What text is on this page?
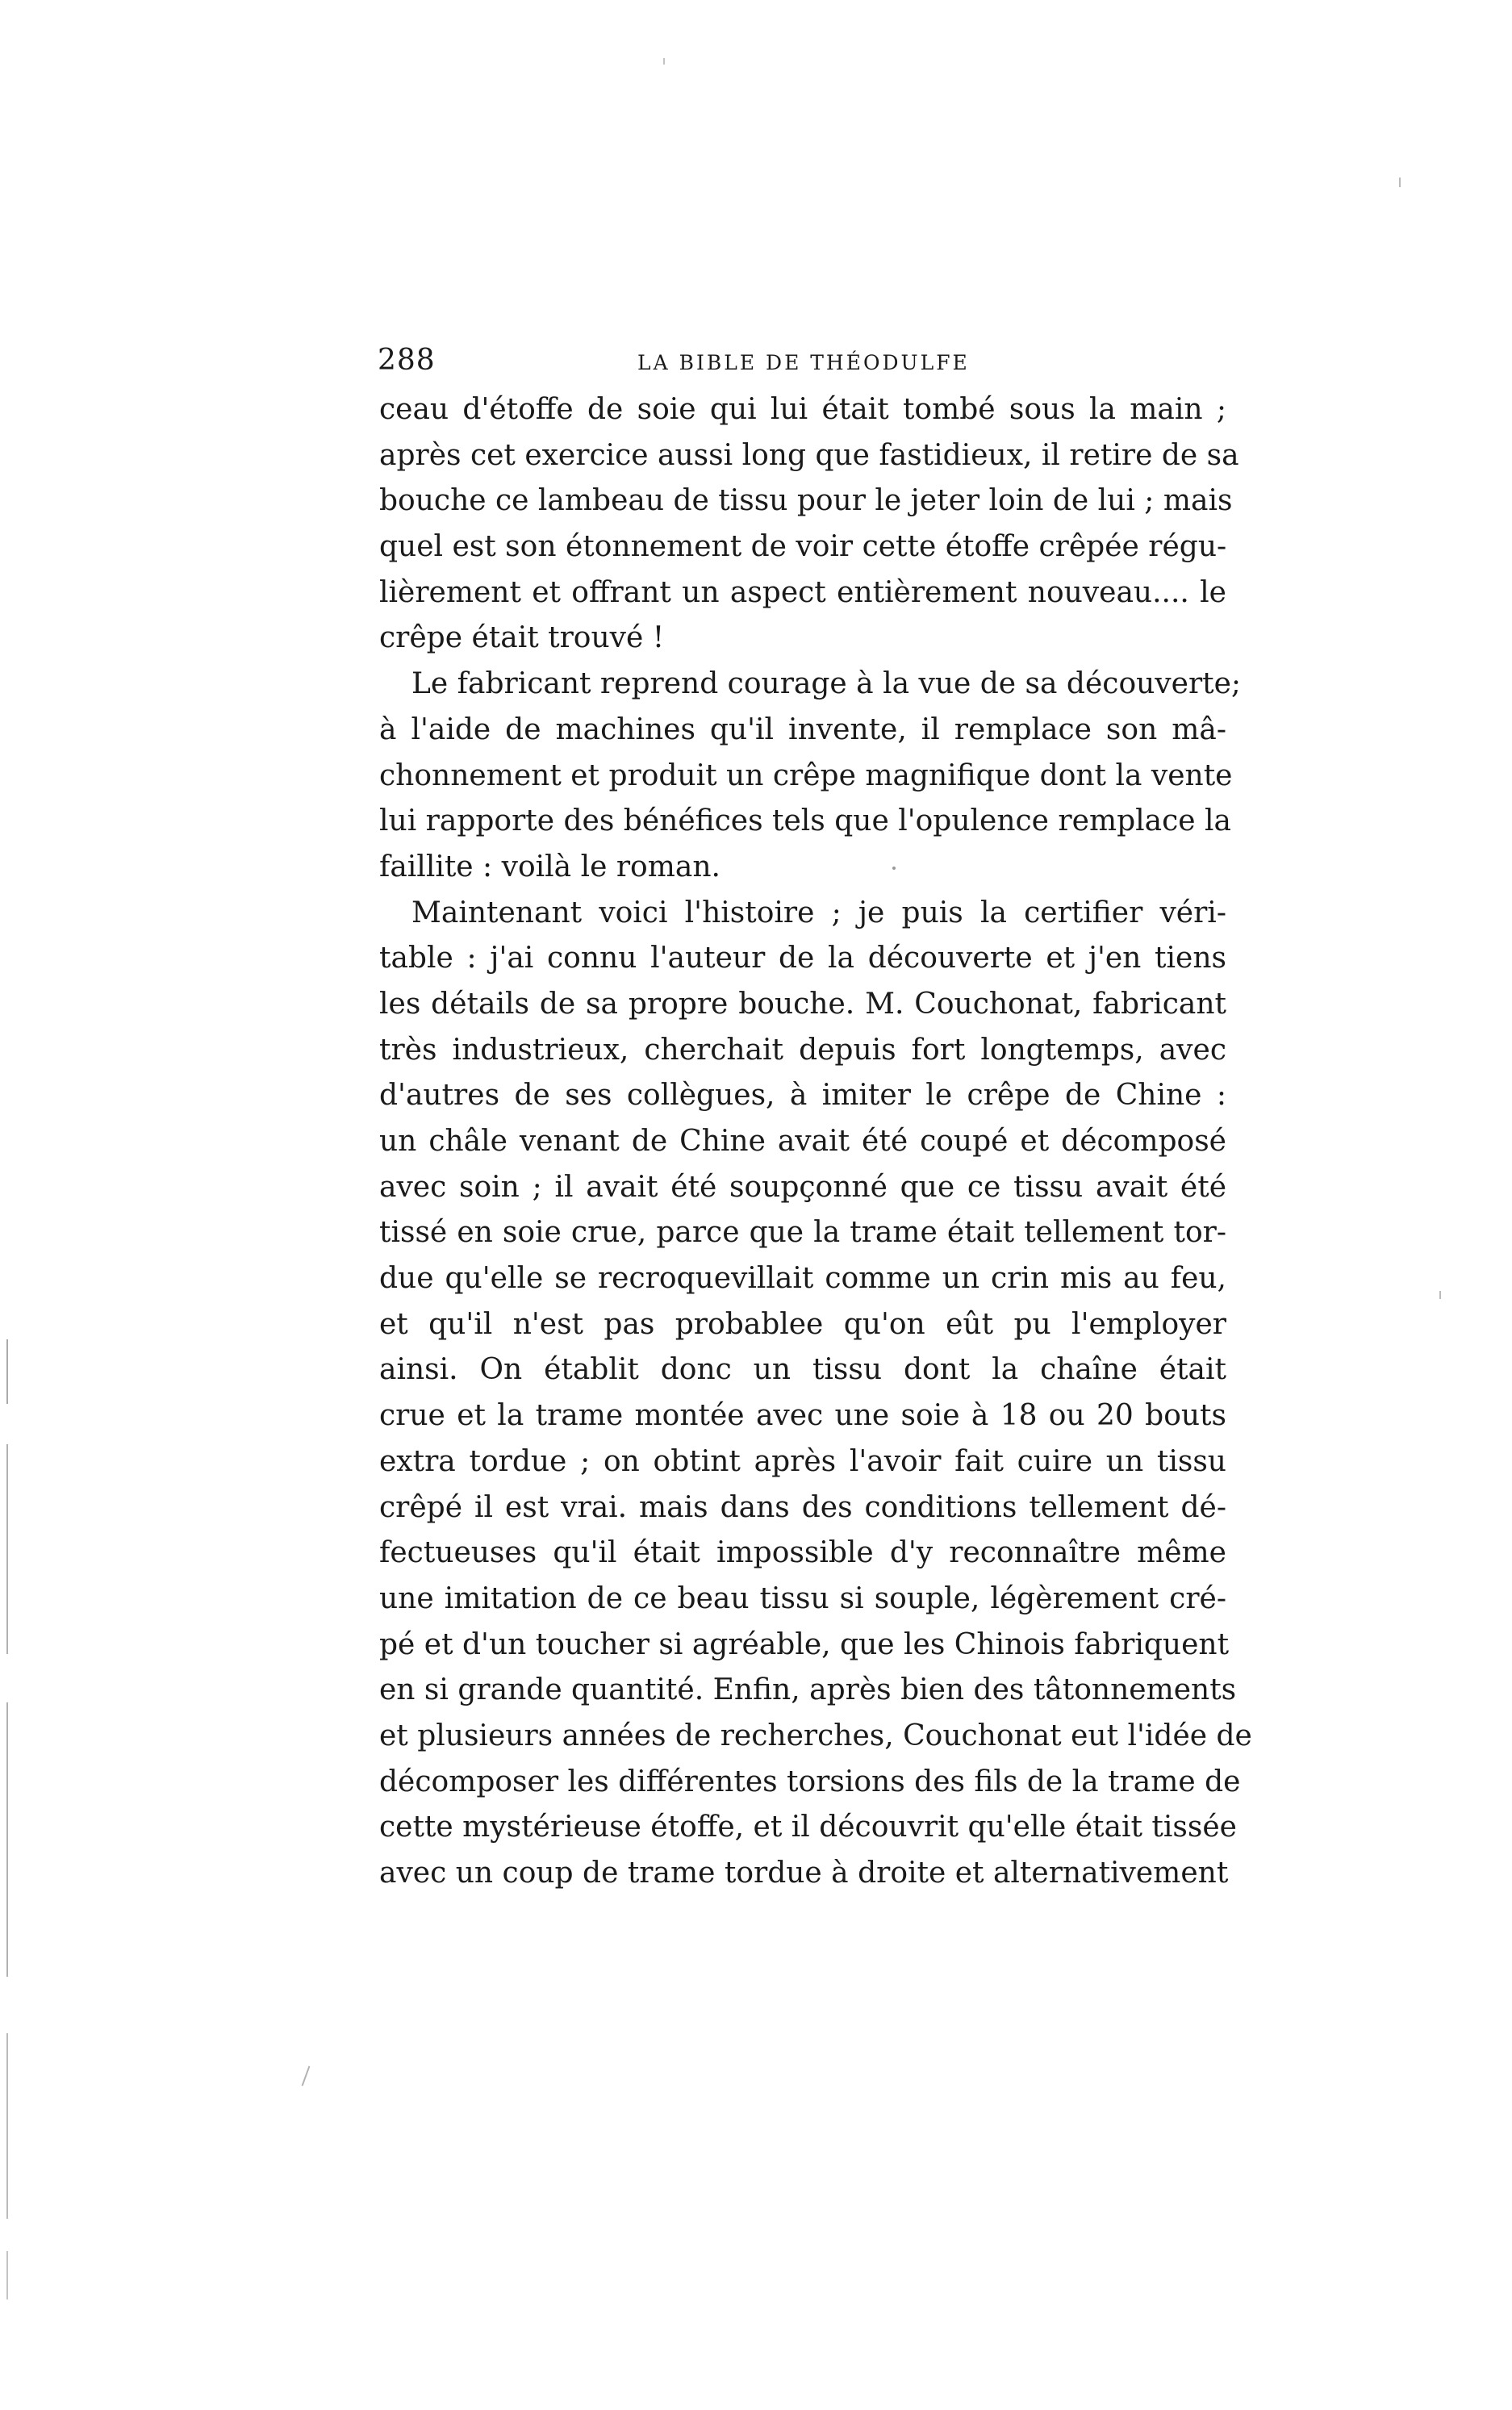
288	LA BIBLE DE THÉODULFE
ceau d'étoffe de soie qui lui était tombé sous la main ;
après cet exercice aussi long que fastidieux, il retire de sa
bouche ce lambeau de tissu pour le jeter loin de lui ; mais
quel est son étonnement de voir cette étoffe crêpée régu-
lièrement et offrant un aspect entièrement nouveau.... le
crêpe était trouvé !
Le fabricant reprend courage à la vue de sa découverte;
à l'aide de machines qu'il invente, il remplace son mâ-
chonnement et produit un crêpe magnifique dont la vente
lui rapporte des bénéfices tels que l'opulence remplace la
faillite : voilà le roman.
Maintenant voici l'histoire ; je puis la certifier véri-
table : j'ai connu l'auteur de la découverte et j'en tiens
les détails de sa propre bouche. M. Couchonat, fabricant
très industrieux, cherchait depuis fort longtemps, avec
d'autres de ses collègues, à imiter le crêpe de Chine :
un châle venant de Chine avait été coupé et décomposé
avec soin ; il avait été soupçonné que ce tissu avait été
tissé en soie crue, parce que la trame était tellement tor-
due qu'elle se recroquevillait comme un crin mis au feu,
et qu'il n'est pas probablee qu'on eût pu l'employer
ainsi. On établit donc un tissu dont la chaîne était
crue et la trame montée avec une soie à 18 ou 20 bouts
extra tordue ; on obtint après l'avoir fait cuire un tissu
crêpé il est vrai. mais dans des conditions tellement dé-
fectueuses qu'il était impossible d'y reconnaître même
une imitation de ce beau tissu si souple, légèrement cré-
pé et d'un toucher si agréable, que les Chinois fabriquent
en si grande quantité. Enfin, après bien des tâtonnements
et plusieurs années de recherches, Couchonat eut l'idée de
décomposer les différentes torsions des fils de la trame de
cette mystérieuse étoffe, et il découvrit qu'elle était tissée
avec un coup de trame tordue à droite et alternativement
